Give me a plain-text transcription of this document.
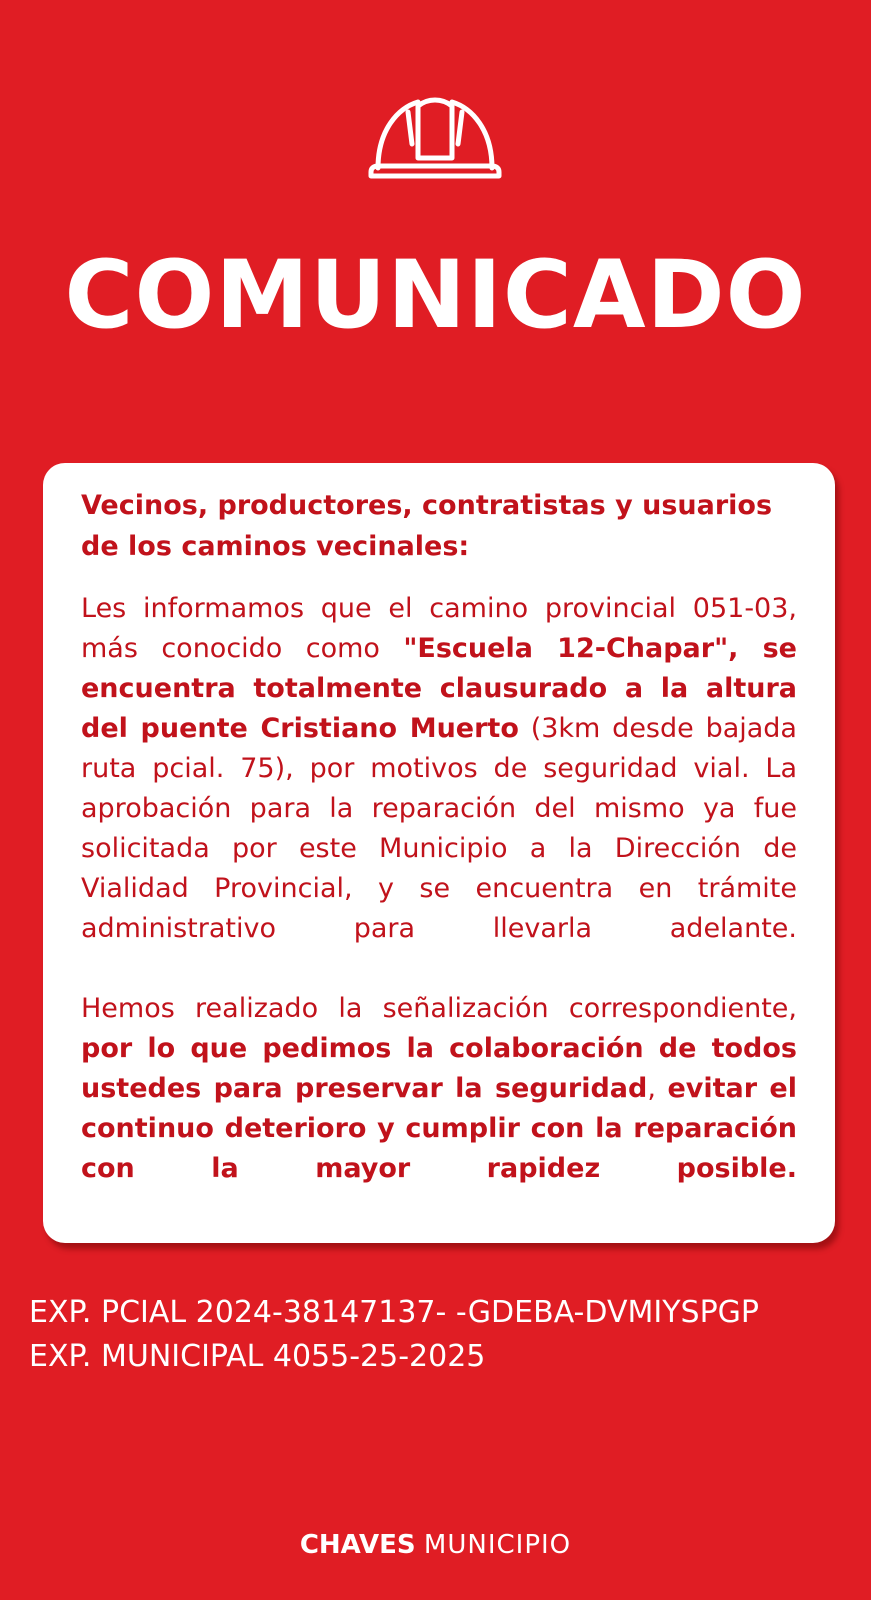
COMUNICADO

Vecinos, productores, contratistas y usuarios de los caminos vecinales:

Les informamos que el camino provincial 051-03, más conocido como "Escuela 12-Chapar", se encuentra totalmente clausurado a la altura del puente Cristiano Muerto (3km desde bajada ruta pcial. 75), por motivos de seguridad vial. La aprobación para la reparación del mismo ya fue solicitada por este Municipio a la Dirección de Vialidad Provincial, y se encuentra en trámite administrativo para llevarla adelante.

Hemos realizado la señalización correspondiente, por lo que pedimos la colaboración de todos ustedes para preservar la seguridad, evitar el continuo deterioro y cumplir con la reparación con la mayor rapidez posible.

EXP. PCIAL 2024-38147137- -GDEBA-DVMIYSPGP
EXP. MUNICIPAL 4055-25-2025
CHAVES MUNICIPIO
